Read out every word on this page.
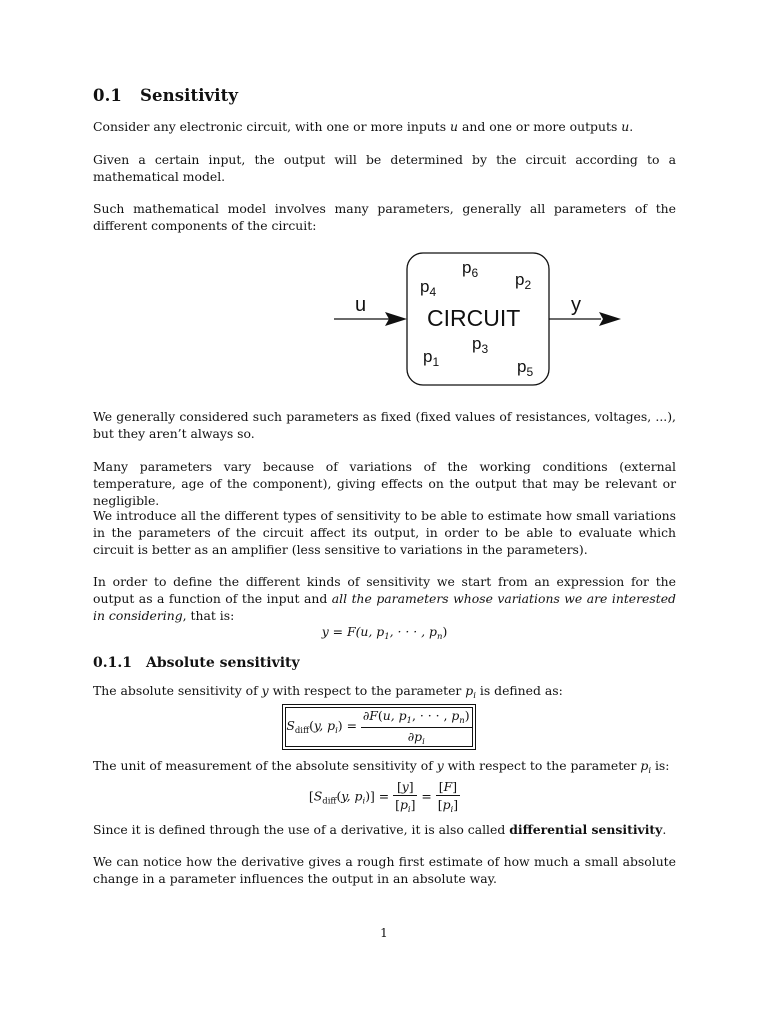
0.1 Sensitivity
Consider any electronic circuit, with one or more inputs u and one or more outputs u.
Given a certain input, the output will be determined by the circuit according to a mathematical model.
Such mathematical model involves many parameters, generally all parameters of the different components of the circuit:
u	y
CIRCUIT
$p_6$ $p_2$
$p_4$
$p_3$
$p_1$	$p_5$
We generally considered such parameters as fixed (fixed values of resistances, voltages, ...), but they aren’t always so.
Many parameters vary because of variations of the working conditions (external temperature, age of the component), giving effects on the output that may be relevant or negligible.
We introduce all the different types of sensitivity to be able to estimate how small variations in the parameters of the circuit affect its output, in order to be able to evaluate which circuit is better as an amplifier (less sensitive to variations in the parameters).
In order to define the different kinds of sensitivity we start from an expression for the output as a function of the input and all the parameters whose variations we are interested in considering, that is:
y = F(u, $p_1$, · · · , $p_n$)
0.1.1 Absolute sensitivity
The absolute sensitivity of y with respect to the parameter $p_i$ is defined as:
$S_{diff}(y$, $p_i) = \frac{\partial F(u, p_1, \cdot \cdot \cdot , p_n)}{\partial p_i}$
The unit of measurement of the absolute sensitivity of y with respect to the parameter $p_i$ is:
[$S_{diff}(y$, $p_i)] = \frac{[y]}{[p_i]} = \frac{[F]}{[p_i]}$
Since it is defined through the use of a derivative, it is also called differential sensitivity.
We can notice how the derivative gives a rough first estimate of how much a small absolute change in a parameter influences the output in an absolute way.
1
